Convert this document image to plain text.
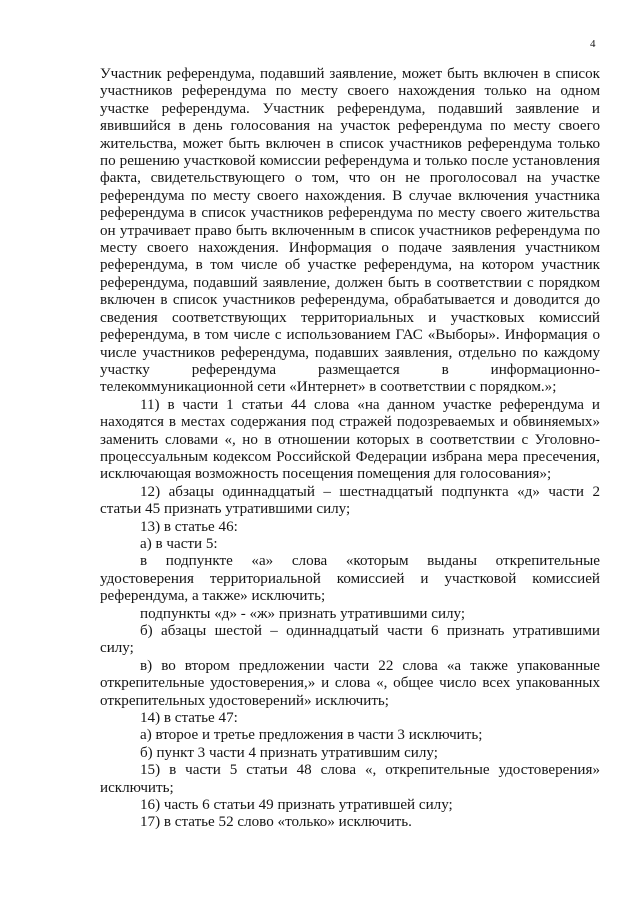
4

Участник референдума, подавший заявление, может быть включен в список участников референдума по месту своего нахождения только на одном участке референдума. Участник референдума, подавший заявление и явившийся в день голосования на участок референдума по месту своего жительства, может быть включен в список участников референдума только по решению участковой комиссии референдума и только после установления факта, свидетельствующего о том, что он не проголосовал на участке референдума по месту своего нахождения. В случае включения участника референдума в список участников референдума по месту своего жительства он утрачивает право быть включенным в список участников референдума по месту своего нахождения. Информация о подаче заявления участником референдума, в том числе об участке референдума, на котором участник референдума, подавший заявление, должен быть в соответствии с порядком включен в список участников референдума, обрабатывается и доводится до сведения соответствующих территориальных и участковых комиссий референдума, в том числе с использованием ГАС «Выборы». Информация о числе участников референдума, подавших заявления, отдельно по каждому участку референдума размещается в информационно-телекоммуникационной сети «Интернет» в соответствии с порядком.»;

11) в части 1 статьи 44 слова «на данном участке референдума и находятся в местах содержания под стражей подозреваемых и обвиняемых» заменить словами «, но в отношении которых в соответствии с Уголовно-процессуальным кодексом Российской Федерации избрана мера пресечения, исключающая возможность посещения помещения для голосования»;

12) абзацы одиннадцатый – шестнадцатый подпункта «д» части 2 статьи 45 признать утратившими силу;

13) в статье 46:

а) в части 5:

в подпункте «а» слова «которым выданы открепительные удостоверения территориальной комиссией и участковой комиссией референдума, а также» исключить;

подпункты «д» - «ж» признать утратившими силу;

б) абзацы шестой – одиннадцатый части 6 признать утратившими силу;

в) во втором предложении части 22 слова «а также упакованные открепительные удостоверения,» и слова «, общее число всех упакованных открепительных удостоверений» исключить;

14) в статье 47:

а) второе и третье предложения в части 3 исключить;

б) пункт 3 части 4 признать утратившим силу;

15) в части 5 статьи 48 слова «, открепительные удостоверения» исключить;

16) часть 6 статьи 49 признать утратившей силу;

17) в статье 52 слово «только» исключить.
